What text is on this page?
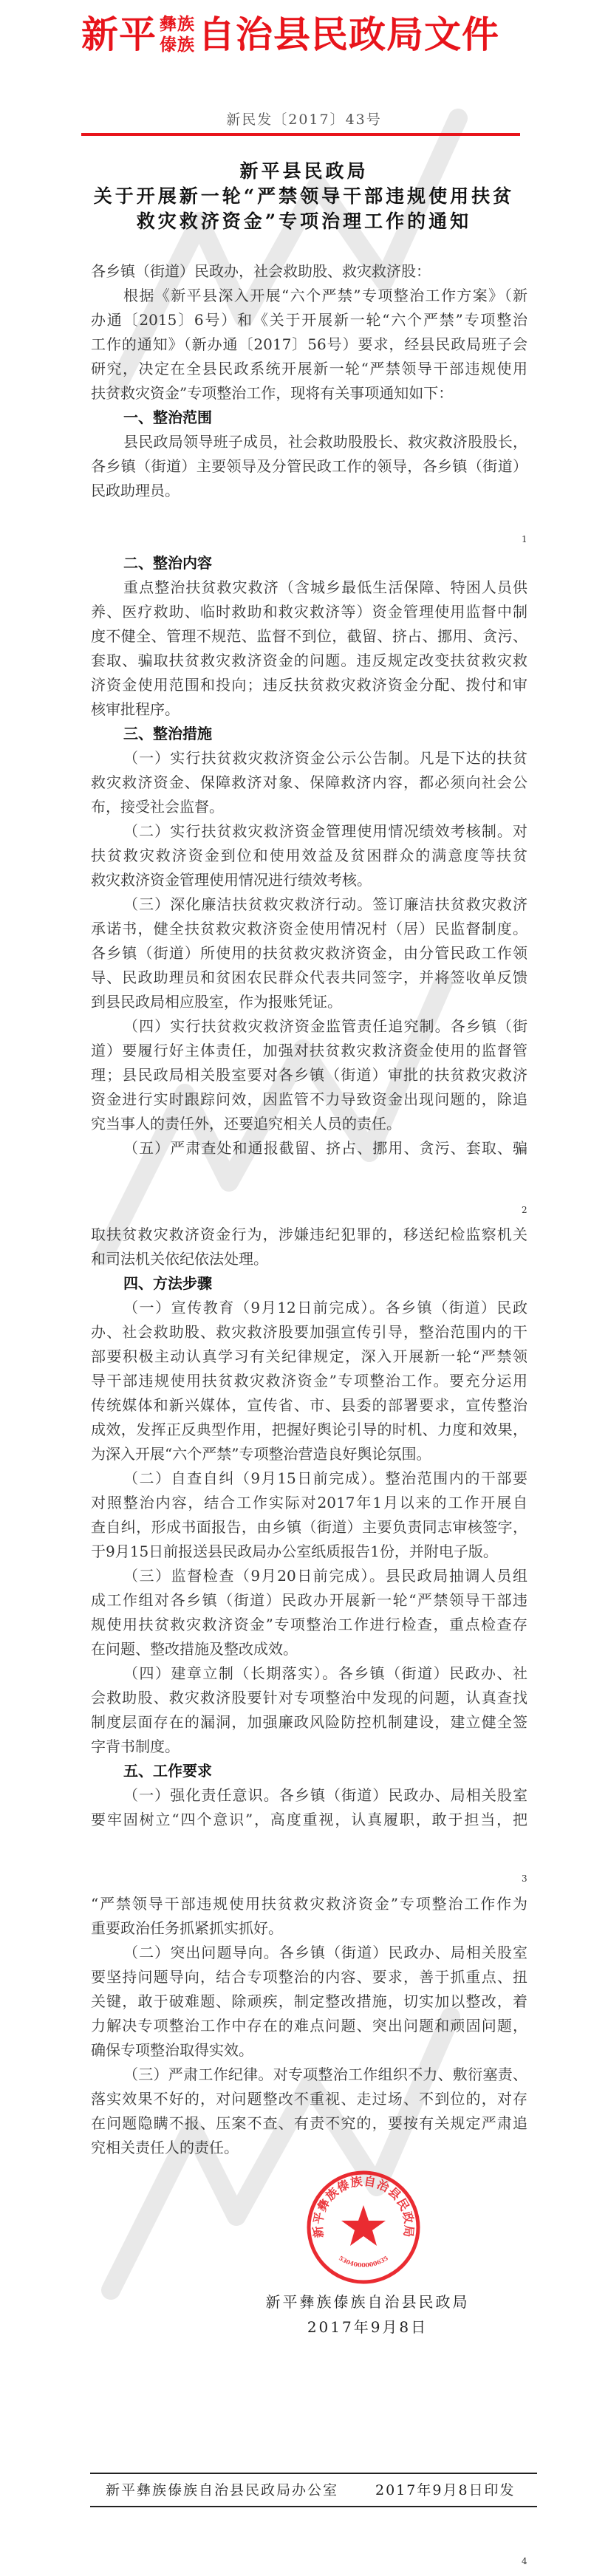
新平 彝族
傣族 自治县民政局文件
新民发〔2017〕43号
新平县民政局
关于开展新一轮“严禁领导干部违规使用扶贫
救灾救济资金”专项治理工作的通知
各乡镇（街道）民政办，社会救助股、救灾救济股：
根据《新平县深入开展“六个严禁”专项整治工作方案》（新
办通〔2015〕6号）和《关于开展新一轮“六个严禁”专项整治
工作的通知》（新办通〔2017〕56号）要求，经县民政局班子会
研究，决定在全县民政系统开展新一轮“严禁领导干部违规使用
扶贫救灾资金”专项整治工作，现将有关事项通知如下：
一、整治范围
县民政局领导班子成员，社会救助股股长、救灾救济股股长，
各乡镇（街道）主要领导及分管民政工作的领导，各乡镇（街道）
民政助理员。
二、整治内容
重点整治扶贫救灾救济（含城乡最低生活保障、特困人员供
养、医疗救助、临时救助和救灾救济等）资金管理使用监督中制
度不健全、管理不规范、监督不到位，截留、挤占、挪用、贪污、
套取、骗取扶贫救灾救济资金的问题。违反规定改变扶贫救灾救
济资金使用范围和投向；违反扶贫救灾救济资金分配、拨付和审
核审批程序。
三、整治措施
（一）实行扶贫救灾救济资金公示公告制。凡是下达的扶贫
救灾救济资金、保障救济对象、保障救济内容，都必须向社会公
布，接受社会监督。
（二）实行扶贫救灾救济资金管理使用情况绩效考核制。对
扶贫救灾救济资金到位和使用效益及贫困群众的满意度等扶贫
救灾救济资金管理使用情况进行绩效考核。
（三）深化廉洁扶贫救灾救济行动。签订廉洁扶贫救灾救济
承诺书，健全扶贫救灾救济资金使用情况村（居）民监督制度。
各乡镇（街道）所使用的扶贫救灾救济资金，由分管民政工作领
导、民政助理员和贫困农民群众代表共同签字，并将签收单反馈
到县民政局相应股室，作为报账凭证。
（四）实行扶贫救灾救济资金监管责任追究制。各乡镇（街
道）要履行好主体责任，加强对扶贫救灾救济资金使用的监督管
理；县民政局相关股室要对各乡镇（街道）审批的扶贫救灾救济
资金进行实时跟踪问效，因监管不力导致资金出现问题的，除追
究当事人的责任外，还要追究相关人员的责任。
（五）严肃查处和通报截留、挤占、挪用、贪污、套取、骗
取扶贫救灾救济资金行为，涉嫌违纪犯罪的，移送纪检监察机关
和司法机关依纪依法处理。
四、方法步骤
（一）宣传教育（9月12日前完成）。各乡镇（街道）民政
办、社会救助股、救灾救济股要加强宣传引导，整治范围内的干
部要积极主动认真学习有关纪律规定，深入开展新一轮“严禁领
导干部违规使用扶贫救灾救济资金”专项整治工作。要充分运用
传统媒体和新兴媒体，宣传省、市、县委的部署要求，宣传整治
成效，发挥正反典型作用，把握好舆论引导的时机、力度和效果，
为深入开展“六个严禁”专项整治营造良好舆论氛围。
（二）自查自纠（9月15日前完成）。整治范围内的干部要
对照整治内容，结合工作实际对2017年1月以来的工作开展自
查自纠，形成书面报告，由乡镇（街道）主要负责同志审核签字，
于9月15日前报送县民政局办公室纸质报告1份，并附电子版。
（三）监督检查（9月20日前完成）。县民政局抽调人员组
成工作组对各乡镇（街道）民政办开展新一轮“严禁领导干部违
规使用扶贫救灾救济资金”专项整治工作进行检查，重点检查存
在问题、整改措施及整改成效。
（四）建章立制（长期落实）。各乡镇（街道）民政办、社
会救助股、救灾救济股要针对专项整治中发现的问题，认真查找
制度层面存在的漏洞，加强廉政风险防控机制建设，建立健全签
字背书制度。
五、工作要求
（一）强化责任意识。各乡镇（街道）民政办、局相关股室
要牢固树立“四个意识”，高度重视，认真履职，敢于担当，把
“严禁领导干部违规使用扶贫救灾救济资金”专项整治工作作为
重要政治任务抓紧抓实抓好。
（二）突出问题导向。各乡镇（街道）民政办、局相关股室
要坚持问题导向，结合专项整治的内容、要求，善于抓重点、扭
关键，敢于破难题、除顽疾，制定整改措施，切实加以整改，着
力解决专项整治工作中存在的难点问题、突出问题和顽固问题，
确保专项整治取得实效。
（三）严肃工作纪律。对专项整治工作组织不力、敷衍塞责、
落实效果不好的，对问题整改不重视、走过场、不到位的，对存
在问题隐瞒不报、压案不查、有责不究的，要按有关规定严肃追
究相关责任人的责任。
1
2
3
4
新平彝族傣族自治县民政局
5304000000635
新平彝族傣族自治县民政局
2017年9月8日
新平彝族傣族自治县民政局办公室	2017年9月8日印发
